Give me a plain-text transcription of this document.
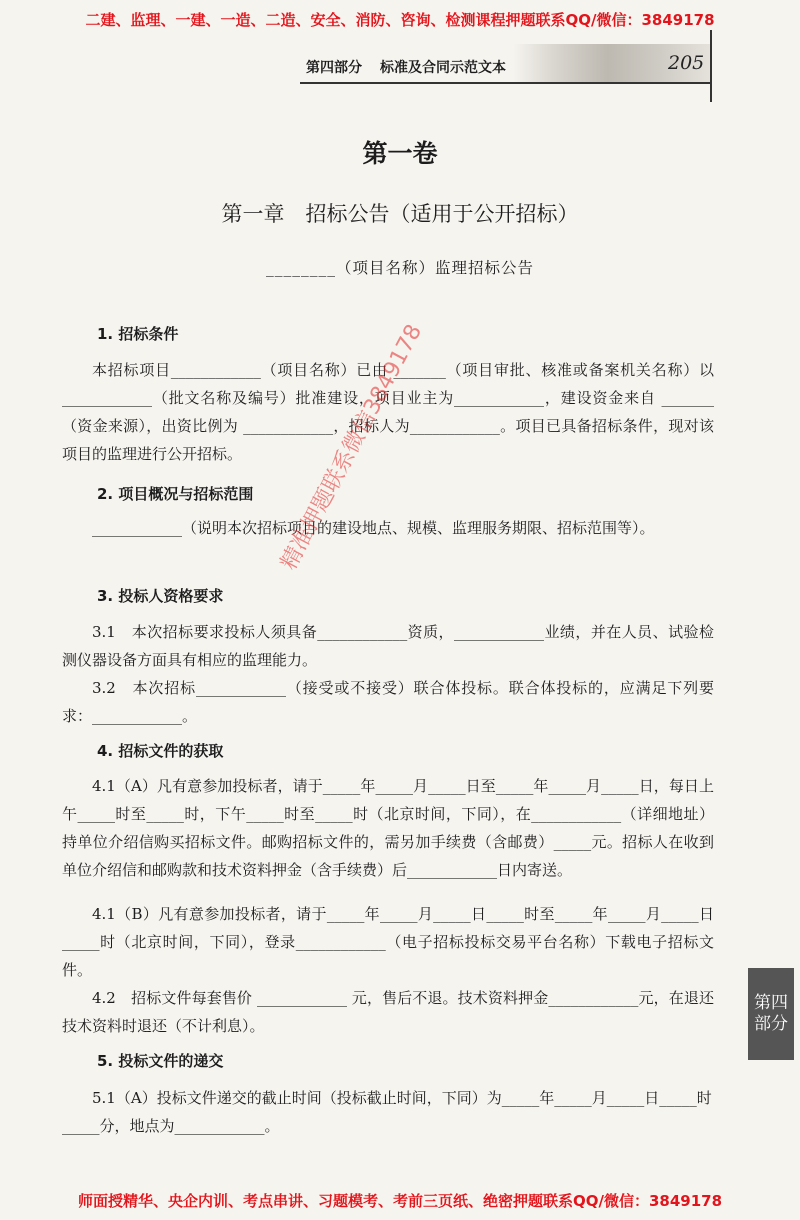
二建、监理、一建、一造、二造、安全、消防、咨询、检测课程押题联系QQ/微信：3849178
第四部分 标准及合同示范文本	205
第一卷
第一章　招标公告（适用于公开招标）
________（项目名称）监理招标公告
1. 招标条件

本招标项目____________（项目名称）已由 _______（项目审批、核准或备案机关名称）以____________（批文名称及编号）批准建设，项目业主为____________，建设资金来自 _______（资金来源），出资比例为 ____________，招标人为____________。项目已具备招标条件，现对该项目的监理进行公开招标。

2. 项目概况与招标范围

____________（说明本次招标项目的建设地点、规模、监理服务期限、招标范围等）。

3. 投标人资格要求

3.1　本次招标要求投标人须具备____________资质，____________业绩，并在人员、试验检测仪器设备方面具有相应的监理能力。

3.2　本次招标____________（接受或不接受）联合体投标。联合体投标的，应满足下列要求：____________。

4. 招标文件的获取

4.1（A）凡有意参加投标者，请于_____年_____月_____日至_____年_____月_____日，每日上午_____时至_____时，下午_____时至_____时（北京时间，下同），在____________（详细地址）持单位介绍信购买招标文件。邮购招标文件的，需另加手续费（含邮费）_____元。招标人在收到单位介绍信和邮购款和技术资料押金（含手续费）后____________日内寄送。

4.1（B）凡有意参加投标者，请于_____年_____月_____日_____时至_____年_____月_____日_____时（北京时间，下同），登录____________（电子招标投标交易平台名称）下载电子招标文件。

4.2　招标文件每套售价 ____________ 元，售后不退。技术资料押金____________元，在退还技术资料时退还（不计利息）。

5. 投标文件的递交

5.1（A）投标文件递交的截止时间（投标截止时间，下同）为_____年_____月_____日_____时_____分，地点为____________。

精准押题联系微信3849178
第四部分
师面授精华、央企内训、考点串讲、习题模考、考前三页纸、绝密押题联系QQ/微信：3849178
